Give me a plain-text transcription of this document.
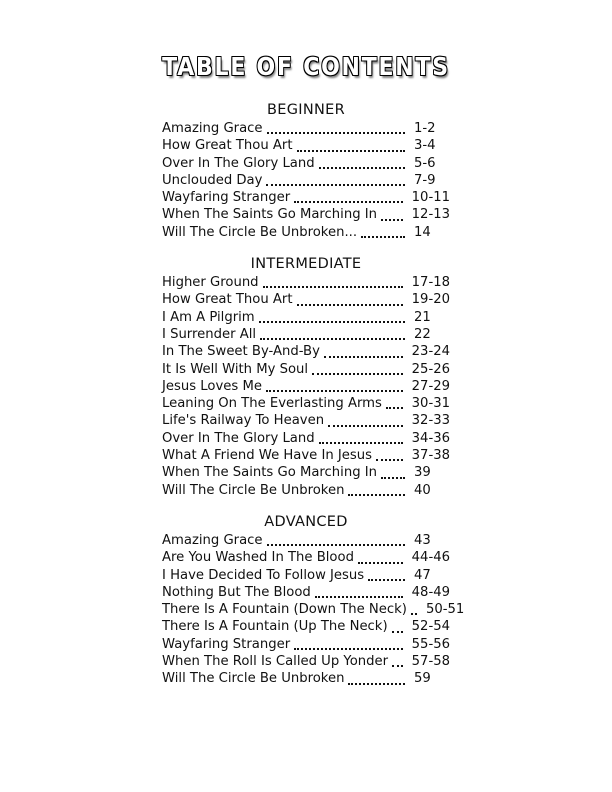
TABLE OF CONTENTS
BEGINNER
Amazing Grace	1-2
How Great Thou Art	3-4
Over In The Glory Land	5-6
Unclouded Day	7-9
Wayfaring Stranger	10-11
When The Saints Go Marching In	12-13
Will The Circle Be Unbroken...	14
INTERMEDIATE
Higher Ground	17-18
How Great Thou Art	19-20
I Am A Pilgrim	21
I Surrender All	22
In The Sweet By-And-By	23-24
It Is Well With My Soul	25-26
Jesus Loves Me	27-29
Leaning On The Everlasting Arms	30-31
Life's Railway To Heaven	32-33
Over In The Glory Land	34-36
What A Friend We Have In Jesus	37-38
When The Saints Go Marching In	39
Will The Circle Be Unbroken	40
ADVANCED
Amazing Grace	43
Are You Washed In The Blood	44-46
I Have Decided To Follow Jesus	47
Nothing But The Blood	48-49
There Is A Fountain (Down The Neck)	50-51
There Is A Fountain (Up The Neck)	52-54
Wayfaring Stranger	55-56
When The Roll Is Called Up Yonder	57-58
Will The Circle Be Unbroken	59
